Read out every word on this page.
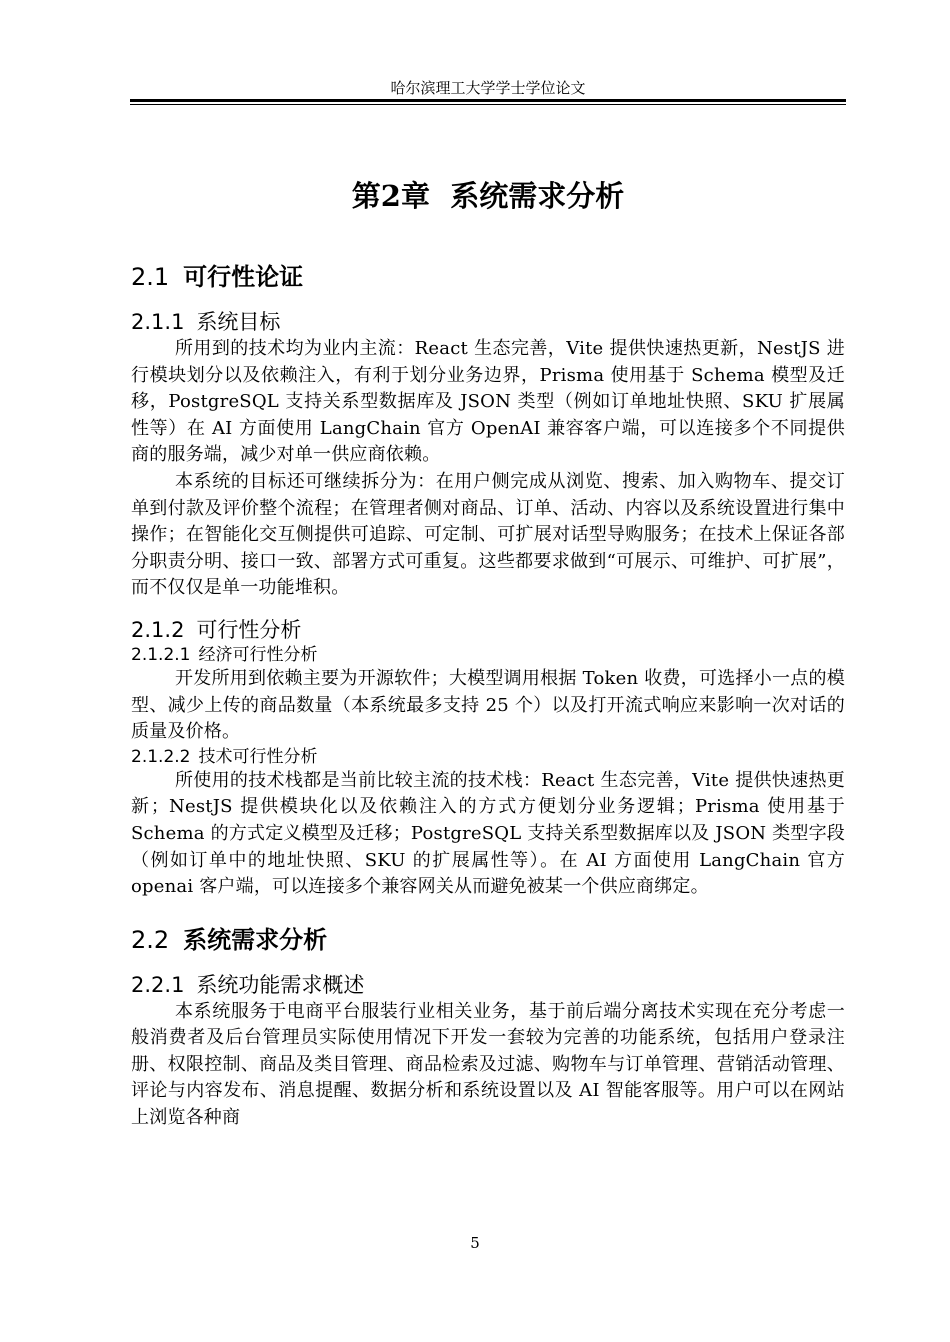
哈尔滨理工大学学士学位论文
第2章 系统需求分析
2.1 可行性论证
2.1.1 系统目标

所用到的技术均为业内主流：React 生态完善，Vite 提供快速热更新，NestJS 进行模块划分以及依赖注入，有利于划分业务边界，Prisma 使用基于 Schema 模型及迁移，PostgreSQL 支持关系型数据库及 JSON 类型（例如订单地址快照、SKU 扩展属性等）在 AI 方面使用 LangChain 官方 OpenAI 兼容客户端，可以连接多个不同提供商的服务端，减少对单一供应商依赖。

本系统的目标还可继续拆分为：在用户侧完成从浏览、搜索、加入购物车、提交订单到付款及评价整个流程；在管理者侧对商品、订单、活动、内容以及系统设置进行集中操作；在智能化交互侧提供可追踪、可定制、可扩展对话型导购服务；在技术上保证各部分职责分明、接口一致、部署方式可重复。这些都要求做到“可展示、可维护、可扩展”，而不仅仅是单一功能堆积。

2.1.2 可行性分析
2.1.2.1 经济可行性分析

开发所用到依赖主要为开源软件；大模型调用根据 Token 收费，可选择小一点的模型、减少上传的商品数量（本系统最多支持 25 个）以及打开流式响应来影响一次对话的质量及价格。

2.1.2.2 技术可行性分析

所使用的技术栈都是当前比较主流的技术栈：React 生态完善，Vite 提供快速热更新；NestJS 提供模块化以及依赖注入的方式方便划分业务逻辑；Prisma 使用基于 Schema 的方式定义模型及迁移；PostgreSQL 支持关系型数据库以及 JSON 类型字段（例如订单中的地址快照、SKU 的扩展属性等）。在 AI 方面使用 LangChain 官方 openai 客户端，可以连接多个兼容网关从而避免被某一个供应商绑定。

2.2 系统需求分析
2.2.1 系统功能需求概述

本系统服务于电商平台服装行业相关业务，基于前后端分离技术实现在充分考虑一般消费者及后台管理员实际使用情况下开发一套较为完善的功能系统，包括用户登录注册、权限控制、商品及类目管理、商品检索及过滤、购物车与订单管理、营销活动管理、评论与内容发布、消息提醒、数据分析和系统设置以及 AI 智能客服等。用户可以在网站上浏览各种商

5
